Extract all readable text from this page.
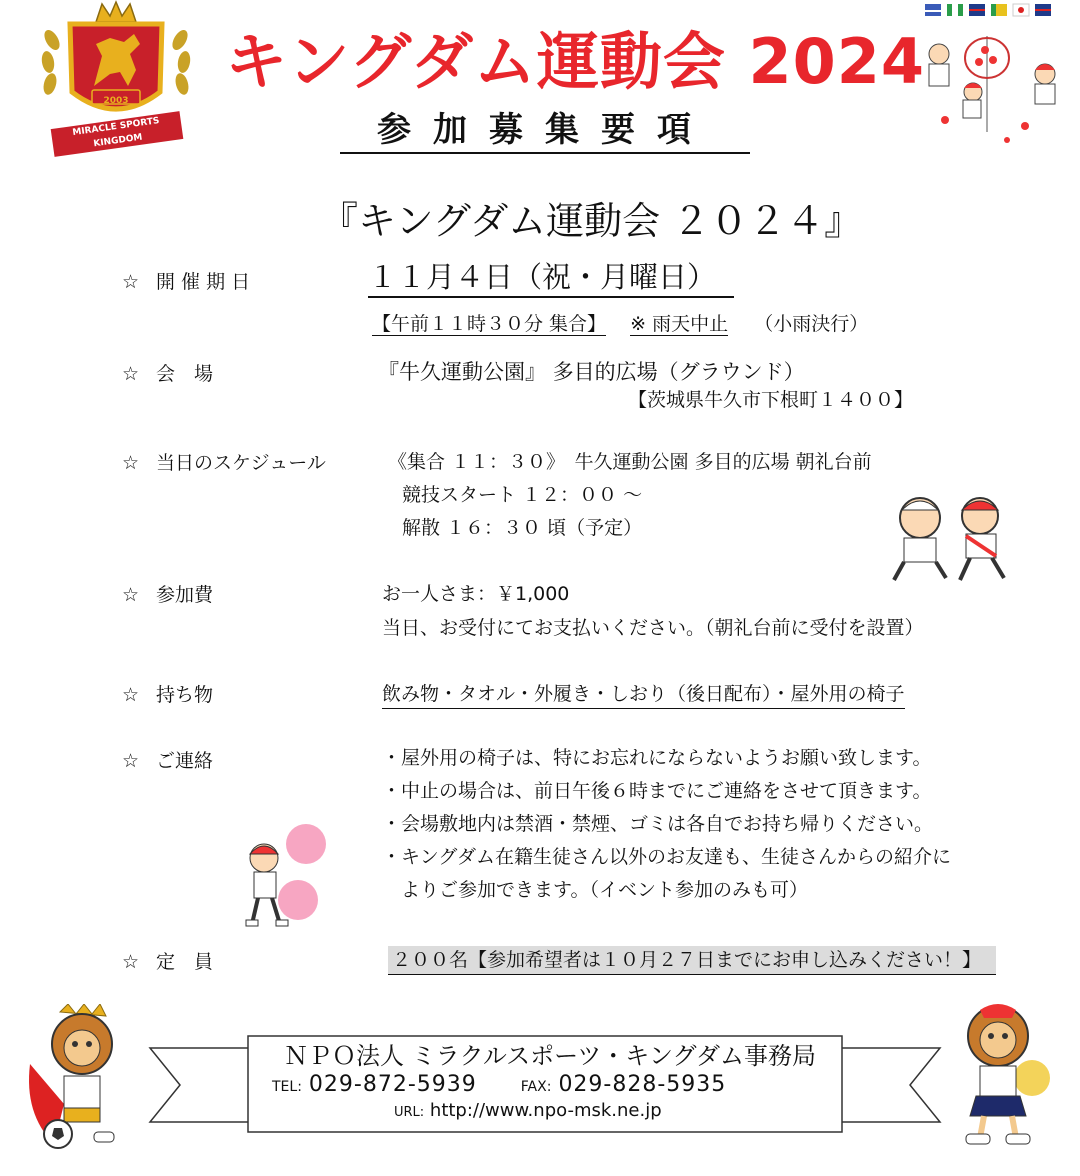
2003
MIRACLE SPORTS KINGDOM
キングダム運動会 2024
参加募集要項
『キングダム運動会 ２０２４』
☆ 開 催 期 日	１１月４日（祝・月曜日）
【午前１１時３０分 集合】 ※ 雨天中止 （小雨決行）
☆ 会　場	『牛久運動公園』 多目的広場（グラウンド）
【茨城県牛久市下根町１４００】
☆ 当日のスケジュール	《集合 １１：３０》　牛久運動公園 多目的広場 朝礼台前
競技スタート １２：００ ～
解散 １６：３０ 頃（予定）
☆ 参加費	お一人さま：￥1,000
当日、お受付にてお支払いください。（朝礼台前に受付を設置）
☆ 持ち物	飲み物・タオル・外履き・しおり（後日配布）・屋外用の椅子
☆ ご連絡	・屋外用の椅子は、特にお忘れにならないようお願い致します。
・中止の場合は、前日午後６時までにご連絡をさせて頂きます。
・会場敷地内は禁酒・禁煙、ゴミは各自でお持ち帰りください。
・キングダム在籍生徒さん以外のお友達も、生徒さんからの紹介に
　よりご参加できます。（イベント参加のみも可）
☆ 定　員	２００名【参加希望者は１０月２７日までにお申し込みください！】
ＮＰＯ法人 ミラクルスポーツ・キングダム事務局
TEL: 029-872-5939	FAX: 029-828-5935
URL: http://www.npo-msk.ne.jp
